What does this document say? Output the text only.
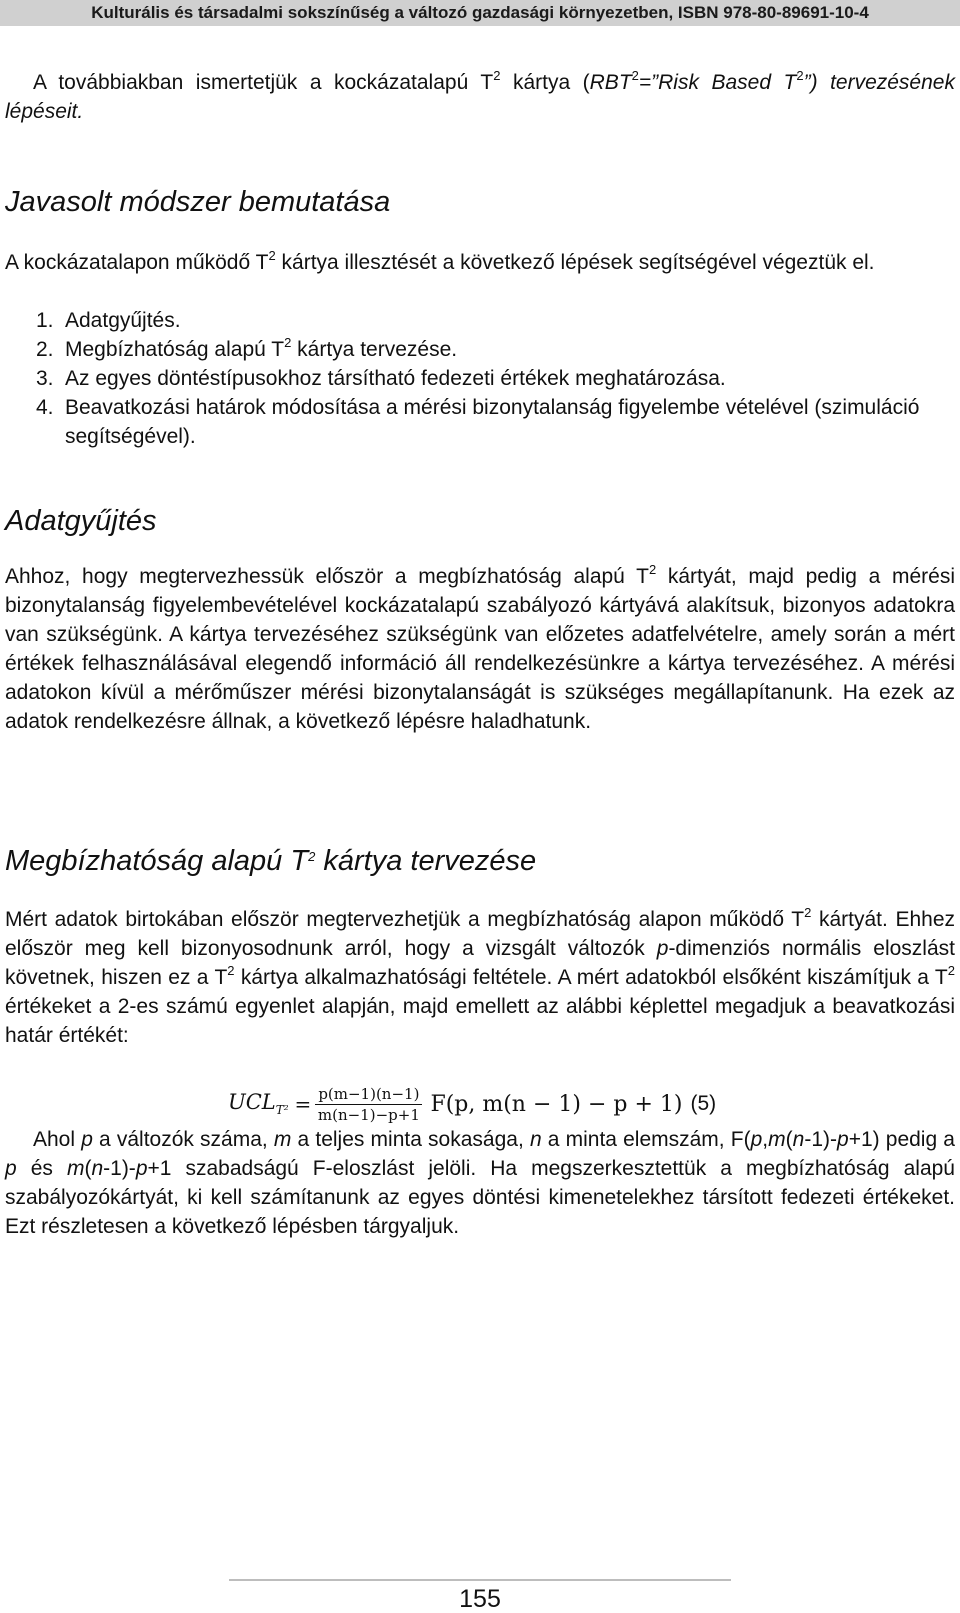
Kulturális és társadalmi sokszínűség a változó gazdasági környezetben, ISBN 978-80-89691-10-4

A továbbiakban ismertetjük a kockázatalapú $T^2$ kártya ($RBT^2=”Risk$ Based $T^2$”) tervezésének lépéseit.

Javasolt módszer bemutatása

A kockázatalapon működő $T^2$ kártya illesztését a következő lépések segítségével végeztük el.

1. Adatgyűjtés.
2. Megbízhatóság alapú $T^2$ kártya tervezése.
3. Az egyes döntéstípusokhoz társítható fedezeti értékek meghatározása.
4. Beavatkozási határok módosítása a mérési bizonytalanság figyelembe vételével (szimuláció segítségével).
Adatgyűjtés

Ahhoz, hogy megtervezhessük először a megbízhatóság alapú $T^2$ kártyát, majd pedig a mérési bizonytalanság figyelembevételével kockázatalapú szabályozó kártyává alakítsuk, bizonyos adatokra van szükségünk. A kártya tervezéséhez szükségünk van előzetes adatfelvételre, amely során a mért értékek felhasználásával elegendő információ áll rendelkezésünkre a kártya tervezéséhez. A mérési adatokon kívül a mérőműszer mérési bizonytalanságát is szükséges megállapítanunk. Ha ezek az adatok rendelkezésre állnak, a következő lépésre haladhatunk.

Megbízhatóság alapú $T^2$ kártya tervezése

Mért adatok birtokában először megtervezhetjük a megbízhatóság alapon működő $T^2$ kártyát. Ehhez először meg kell bizonyosodnunk arról, hogy a vizsgált változók p-dimenziós normális eloszlást követnek, hiszen ez a $T^2$ kártya alkalmazhatósági feltétele. A mért adatokból elsőként kiszámítjuk a $T^2$ értékeket a 2-es számú egyenlet alapján, majd emellett az alábbi képlettel megadjuk a beavatkozási határ értékét:

$UCL_{T^2} = \frac{p(m-1)(n-1)}{m(n-1)-p+1} F(p$, m(n − 1) − p + 1) (5)

Ahol p a változók száma, m a teljes minta sokasága, n a minta elemszám, F(p,m(n-1)-p+1) pedig a p és m(n-1)-p+1 szabadságú F-eloszlást jelöli. Ha megszerkesztettük a megbízhatóság alapú szabályozókártyát, ki kell számítanunk az egyes döntési kimenetelekhez társított fedezeti értékeket. Ezt részletesen a következő lépésben tárgyaljuk.

155
